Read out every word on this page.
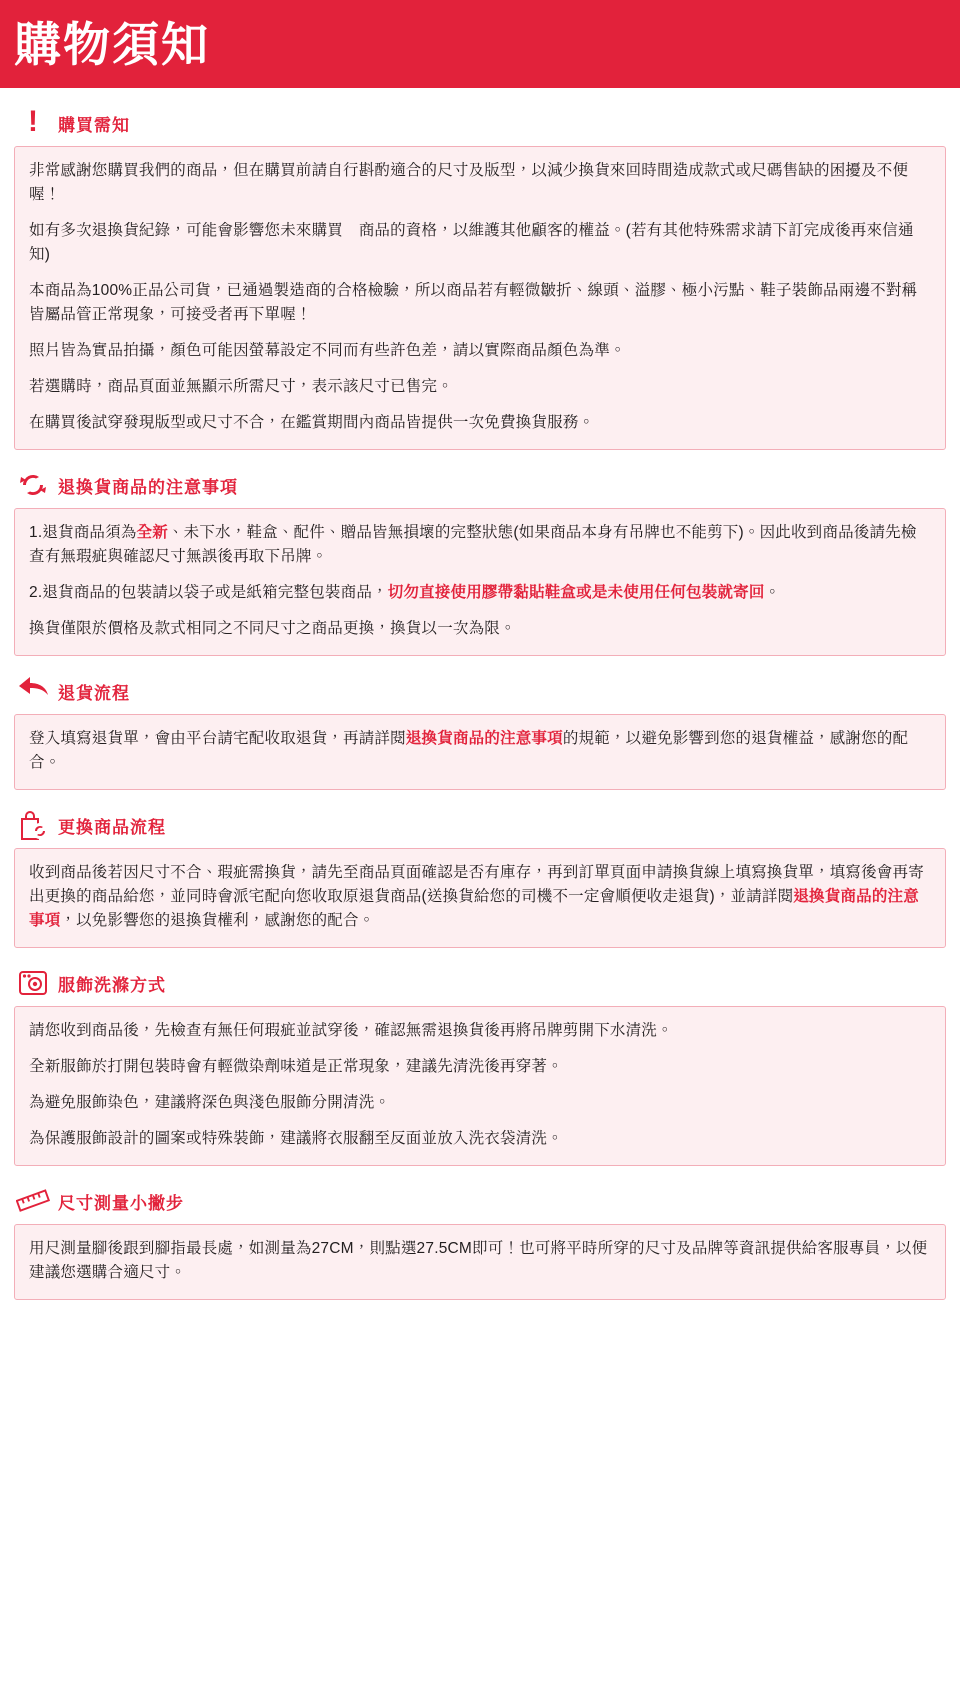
購物須知
! 購買需知

非常感謝您購買我們的商品，但在購買前請自行斟酌適合的尺寸及版型，以減少換貨來回時間造成款式或尺碼售缺的困擾及不便喔！

如有多次退換貨紀錄，可能會影響您未來購買　商品的資格，以維護其他顧客的權益。(若有其他特殊需求請下訂完成後再來信通知)

本商品為100%正品公司貨，已通過製造商的合格檢驗，所以商品若有輕微皺折、線頭、溢膠、極小污點、鞋子裝飾品兩邊不對稱皆屬品管正常現象，可接受者再下單喔！

照片皆為實品拍攝，顏色可能因螢幕設定不同而有些許色差，請以實際商品顏色為準。

若選購時，商品頁面並無顯示所需尺寸，表示該尺寸已售完。

在購買後試穿發現版型或尺寸不合，在鑑賞期間內商品皆提供一次免費換貨服務。

退換貨商品的注意事項

1.退貨商品須為全新、未下水，鞋盒、配件、贈品皆無損壞的完整狀態(如果商品本身有吊牌也不能剪下)。因此收到商品後請先檢查有無瑕疵與確認尺寸無誤後再取下吊牌。

2.退貨商品的包裝請以袋子或是紙箱完整包裝商品，切勿直接使用膠帶黏貼鞋盒或是未使用任何包裝就寄回。

換貨僅限於價格及款式相同之不同尺寸之商品更換，換貨以一次為限。

退貨流程

登入填寫退貨單，會由平台請宅配收取退貨，再請詳閱退換貨商品的注意事項的規範，以避免影響到您的退貨權益，感謝您的配合。

更換商品流程

收到商品後若因尺寸不合、瑕疵需換貨，請先至商品頁面確認是否有庫存，再到訂單頁面申請換貨線上填寫換貨單，填寫後會再寄出更換的商品給您，並同時會派宅配向您收取原退貨商品(送換貨給您的司機不一定會順便收走退貨)，並請詳閱退換貨商品的注意事項，以免影響您的退換貨權利，感謝您的配合。

服飾洗滌方式

請您收到商品後，先檢查有無任何瑕疵並試穿後，確認無需退換貨後再將吊牌剪開下水清洗。

全新服飾於打開包裝時會有輕微染劑味道是正常現象，建議先清洗後再穿著。

為避免服飾染色，建議將深色與淺色服飾分開清洗。

為保護服飾設計的圖案或特殊裝飾，建議將衣服翻至反面並放入洗衣袋清洗。

尺寸測量小撇步

用尺測量腳後跟到腳指最長處，如測量為27CM，則點選27.5CM即可！也可將平時所穿的尺寸及品牌等資訊提供給客服專員，以便建議您選購合適尺寸。
